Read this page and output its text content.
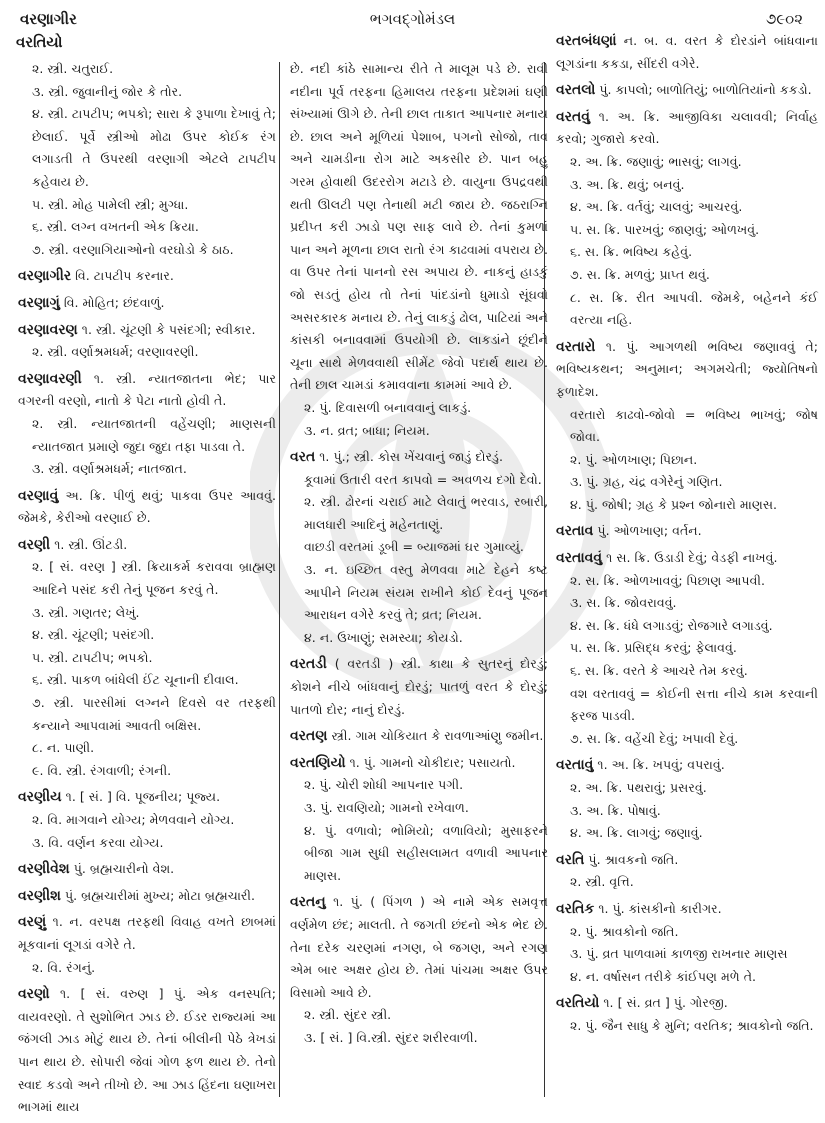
વરણાગીર	ભગવદ્ગોમંડલ	૭૯૦૨
વરતિયો
૨. સ્ત્રી. ચતુરાઈ.
૩. સ્ત્રી. જુવાનીનું જોર કે તોર.
૪. સ્ત્રી. ટાપટીપ; ભપકો; સારા કે રૂપાળા દેખાવું તે; છેલાઈ. પૂર્વે સ્ત્રીઓ મોઢા ઉપર કોઈક રંગ લગાડતી તે ઉપરથી વરણાગી એટલે ટાપટીપ કહેવાય છે.
૫. સ્ત્રી. મોહ પામેલી સ્ત્રી; મુગ્ધા.
૬. સ્ત્રી. લગ્ન વખતની એક ક્રિયા.
૭. સ્ત્રી. વરણાગિયાઓનો વરઘોડો કે ઠાઠ.
વરણાગીર વિ. ટાપટીપ કરનાર.
વરણાગું વિ. મોહિત; છંદવાળું.
વરણાવરણ ૧. સ્ત્રી. ચૂંટણી કે પસંદગી; સ્વીકાર.
૨. સ્ત્રી. વર્ણાશ્રમધર્મ; વરણાવરણી.
વરણાવરણી ૧. સ્ત્રી. ન્યાતજાતના ભેદ; પાર વગરની વરણો, નાતો કે પેટા નાતો હોવી તે.
૨. સ્ત્રી. ન્યાતજાતની વહેંચણી; માણસની ન્યાતજાત પ્રમાણે જુદા જુદા તફા પાડવા તે.
૩. સ્ત્રી. વર્ણાશ્રમધર્મ; નાતજાત.
વરણાવું અ. ક્રિ. પીળું થવું; પાકવા ઉપર આવવું. જેમકે, કેરીઓ વરણાઈ છે.
વરણી ૧. સ્ત્રી. ઊંટડી.
૨. [ સં. વરણ ] સ્ત્રી. ક્રિયાકર્મ કરાવવા બ્રાહ્મણ આદિને પસંદ કરી તેનું પૂજન કરવું તે.
૩. સ્ત્રી. ગણતર; લેખું.
૪. સ્ત્રી. ચૂંટણી; પસંદગી.
૫. સ્ત્રી. ટાપટીપ; ભપકો.
૬. સ્ત્રી. પાકળ બાંધેલી ઈંટ ચૂનાની દીવાલ.
૭. સ્ત્રી. પારસીમાં લગ્નને દિવસે વર તરફથી કન્યાને આપવામાં આવતી બક્ષિસ.
૮. ન. પાણી.
૯. વિ. સ્ત્રી. રંગવાળી; રંગની.
વરણીય ૧. [ સં. ] વિ. પૂજનીય; પૂજ્ય.
૨. વિ. માગવાને યોગ્ય; મેળવવાને યોગ્ય.
૩. વિ. વર્ણન કરવા યોગ્ય.
વરણીવેશ પું. બ્રહ્મચારીનો વેશ.
વરણીશ પું. બ્રહ્મચારીમાં મુખ્ય; મોટા બ્રહ્મચારી.
વરણું ૧. ન. વરપક્ષ તરફથી વિવાહ વખતે છાબમાં મૂકવાનાં લૂગડાં વગેરે તે.
૨. વિ. રંગનું.
વરણો ૧. [ સં. વરુણ ] પું. એક વનસ્પતિ; વાયવરણો. તે સુશોભિત ઝાડ છે. ઈડર રાજ્યમાં આ જંગલી ઝાડ મોટું થાય છે. તેનાં બીલીની પેઠે ત્રેખડાં પાન થાય છે. સોપારી જેવાં ગોળ ફળ થાય છે. તેનો સ્વાદ કડવો અને તીખો છે. આ ઝાડ હિંદના ઘણાખરા ભાગમાં થાય
છે. નદી કાંઠે સામાન્ય રીતે તે માલૂમ પડે છે. રાવી નદીના પૂર્વ તરફના હિમાલય તરફના પ્રદેશમાં ઘણી સંખ્યામાં ઊગે છે. તેની છાલ તાકાત આપનાર મનાય છે. છાલ અને મૂળિયાં પેશાબ, પગનો સોજો, તાવ અને ચામડીના રોગ માટે અકસીર છે. પાન બહુ ગરમ હોવાથી ઉદરરોગ મટાડે છે. વાયુના ઉપદ્રવથી થતી ઊલટી પણ તેનાથી મટી જાય છે. જઠરાગ્નિ પ્રદીપ્ત કરી ઝાડો પણ સાફ લાવે છે. તેનાં કુમળાં પાન અને મૂળના છાલ રાતો રંગ કાઢવામાં વપરાય છે. વા ઉપર તેનાં પાનનો રસ અપાય છે. નાકનું હાડકું જો સડતું હોય તો તેનાં પાંદડાંનો ધુમાડો સૂંઘવો અસરકારક મનાય છે. તેનું લાકડું ઢોલ, પાટિયાં અને કાંસકી બનાવવામાં ઉપયોગી છે. લાકડાંને છૂંદીને ચૂના સાથે મેળવવાથી સીમેંટ જેવો પદાર્થ થાય છે. તેની છાલ ચામડાં કમાવવાના કામમાં આવે છે.
૨. પું. દિવાસળી બનાવવાનું લાકડું.
૩. ન. વ્રત; બાધા; નિયમ.
વરત ૧. પું.; સ્ત્રી. કોસ ખેંચવાનું જાડું દોરડું.
કૂવામાં ઉતારી વરત કાપવો = અવળચ દગો દેવો.
૨. સ્ત્રી. ઢોરનાં ચરાઈ માટે લેવાતું ભરવાડ, રબારી, માલધારી આદિનું મહેનતાણું.
વાછડી વરતમાં ડૂબી = બ્યાજમાં ઘર ગુમાવ્યું.
૩. ન. ઇચ્છિત વસ્તુ મેળવવા માટે દેહને કષ્ટ આપીને નિયમ સંયમ રાખીને કોઈ દેવનું પૂજન આરાધન વગેરે કરવું તે; વ્રત; નિયમ.
૪. ન. ઉખાણું; સમસ્યા; કોયડો.
વરતડી ( વરતડી ) સ્ત્રી. કાથા કે સુતરનું દોરડું; કોશને નીચે બાંધવાનું દોરડું; પાતળું વરત કે દોરડું; પાતળો દોર; નાનું દોરડું.
વરતણ સ્ત્રી. ગામ ચોકિયાત કે રાવળાઆંણુ જમીન.
વરતણિયો ૧. પું. ગામનો ચોકીદાર; પસાયતો.
૨. પું. ચોરી શોધી આપનાર પગી.
૩. પું. રાવણિયો; ગામનો રખેવાળ.
૪. પું. વળાવો; ભોમિયો; વળાવિયો; મુસાફરને બીજા ગામ સુધી સહીસલામત વળાવી આપનાર માણસ.
વરતનુ ૧. પું. ( પિંગળ ) એ નામે એક સમવૃત્ત વર્ણમેળ છંદ; માલતી. તે જગતી છંદનો એક ભેદ છે. તેના દરેક ચરણમાં નગણ, બે જગણ, અને રગણ એમ બાર અક્ષર હોય છે. તેમાં પાંચમા અક્ષર ઉપર વિસામો આવે છે.
૨. સ્ત્રી. સુંદર સ્ત્રી.
૩. [ સં. ] વિ.સ્ત્રી. સુંદર શરીરવાળી.
વરતબંધણાં ન. બ. વ. વરત કે દોરડાંને બાંધવાના લૂગડાંના કકડા, સીંદરી વગેરે.
વરતલો પું. કાપલો; બાળોતિયું; બાળોતિયાંનો કકડો.
વરતવું ૧. અ. ક્રિ. આજીવિકા ચલાવવી; નિર્વાહ કરવો; ગુજારો કરવો.
૨. અ. ક્રિ. જણાવું; ભાસવું; લાગવું.
૩. અ. ક્રિ. થવું; બનવું.
૪. અ. ક્રિ. વર્તવું; ચાલવું; આચરવું.
૫. સ. ક્રિ. પારખવું; જાણવું; ઓળખવું.
૬. સ. ક્રિ. ભવિષ્ય કહેવું.
૭. સ. ક્રિ. મળવું; પ્રાપ્ત થવું.
૮. સ. ક્રિ. રીત આપવી. જેમકે, બહેનને કંઈ વરત્યા નહિ.
વરતારો ૧. પું. આગળથી ભવિષ્ય જણાવવું તે; ભવિષ્યકથન; અનુમાન; અગમચેતી; જ્યોતિષનો ફળાદેશ.
વરતારો કાઢવો-જોવો = ભવિષ્ય ભાખવું; જોષ જોવા.
૨. પું. ઓળખાણ; પિછાન.
૩. પું. ગ્રહ, ચંદ્ર વગેરેનું ગણિત.
૪. પું. જોષી; ગ્રહ કે પ્રશ્ન જોનારો માણસ.
વરતાવ પું. ઓળખાણ; વર્તન.
વરતાવવું ૧ સ. ક્રિ. ઉડાડી દેવું; વેડફી નાખવું.
૨. સ. ક્રિ. ઓળખાવવું; પિછાણ આપવી.
૩. સ. ક્રિ. જોવરાવવું.
૪. સ. ક્રિ. ધંધે લગાડવું; રોજગારે લગાડવું.
૫. સ. ક્રિ. પ્રસિદ્ધ કરવું; ફેલાવવું.
૬. સ. ક્રિ. વરતે કે આચરે તેમ કરવું.
વશ વરતાવવું = કોઈની સત્તા નીચે કામ કરવાની ફરજ પાડવી.
૭. સ. ક્રિ. વહેંચી દેવું; ખપાવી દેવું.
વરતાવું ૧. અ. ક્રિ. ખપવું; વપરાવું.
૨. અ. ક્રિ. પથરાવું; પ્રસરવું.
૩. અ. ક્રિ. પોષાવું.
૪. અ. ક્રિ. લાગવું; જણાવું.
વરતિ પું. શ્રાવકનો જતિ.
૨. સ્ત્રી. વૃત્તિ.
વરતિક ૧. પું. કાંસકીનો કારીગર.
૨. પું. શ્રાવકોનો જતિ.
૩. પું. વ્રત પાળવામાં કાળજી રાખનાર માણસ
૪. ન. વર્ષાસન તરીકે કાંઈપણ મળે તે.
વરતિયો ૧. [ સં. વ્રત ] પું. ગોરજી.
૨. પું. જૈન સાધુ કે મુનિ; વરતિક; શ્રાવકોનો જતિ.
